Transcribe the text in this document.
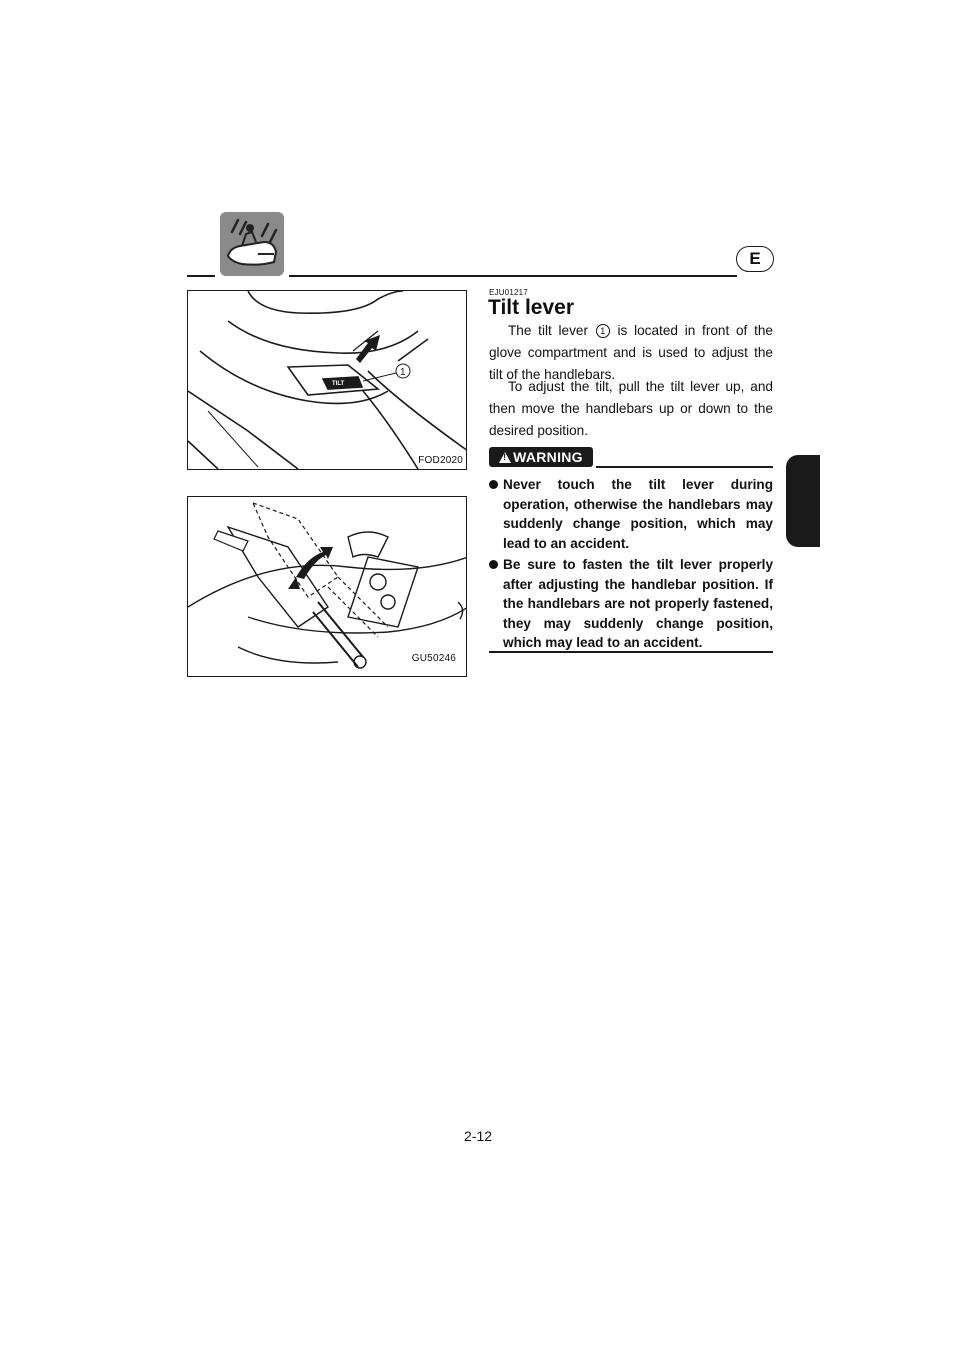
E
TILT
1
FOD2020
GU50246
EJU01217
Tilt lever

The tilt lever 1 is located in front of the glove compartment and is used to adjust the tilt of the handlebars.

To adjust the tilt, pull the tilt lever up, and then move the handlebars up or down to the desired position.

!
WARNING
Never touch the tilt lever during operation, otherwise the handlebars may suddenly change position, which may lead to an accident.
Be sure to fasten the tilt lever properly after adjusting the handlebar position. If the handlebars are not properly fastened, they may suddenly change position, which may lead to an accident.
2-12
